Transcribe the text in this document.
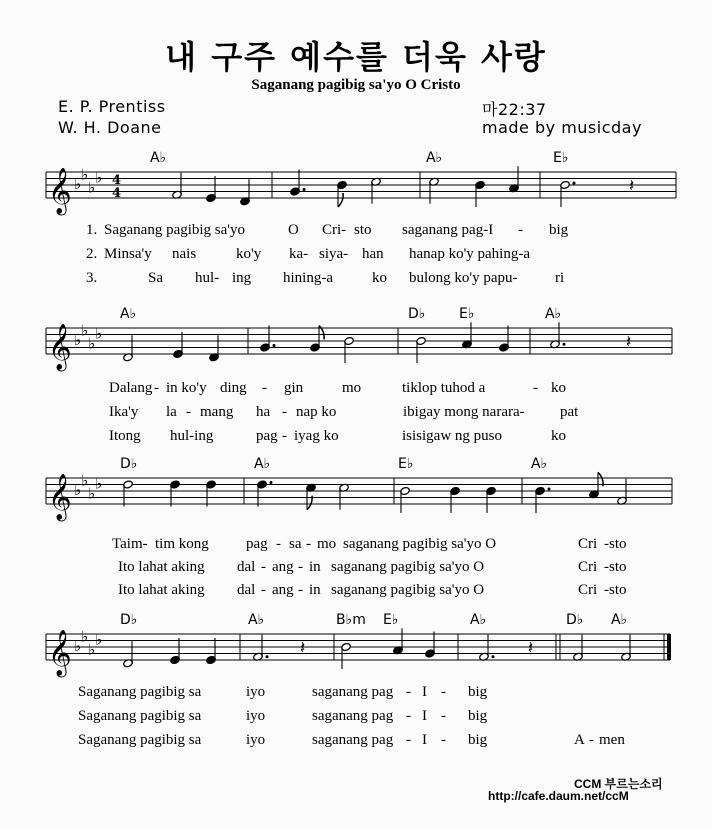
내 구주 예수를 더욱 사랑
Saganang pagibig sa'yo O Cristo
E. P. Prentiss
W. H. Doane
마22:37
made by musicday
𝄞 ♭
♭
♭
♭ 4
4
A♭	A♭	E♭
𝄽
𝄞 ♭
♭
♭
♭
A♭	D♭ E♭	A♭
𝄽
𝄞 ♭
♭
♭
♭
D♭	A♭	E♭	A♭
𝄞 ♭
♭
♭
♭
D♭	A♭	B♭m E♭	A♭	D♭ A♭
𝄽	𝄽
1. Saganang pagibig sa'yo	O Cri- sto saganang pag-I - big
2. Minsa'y nais	ko'y ka- siya- han hanap ko'y pahing-a
3.	Sa hul- ing hining-a	ko bulong ko'y papu- ri
Dalang - in ko'y ding - gin	mo	tiklop tuhod a	- ko
Ika'y la - mang ha - nap ko	ibigay mong narara- pat
Itong hul-ing	pag - iyag ko	isisigaw ng puso	ko
Taim- tim kong pag - sa - mo saganang pagibig sa'yo O	Cri -sto
Ito lahat aking dal - ang - in saganang pagibig sa'yo O	Cri -sto
Ito lahat aking dal - ang - in saganang pagibig sa'yo O	Cri -sto
Saganang pagibig sa	iyo	saganang pag - I - big
Saganang pagibig sa	iyo	saganang pag - I - big
Saganang pagibig sa	iyo	saganang pag - I - big	A - men
CCM 부르는소리
http://cafe.daum.net/ccM
